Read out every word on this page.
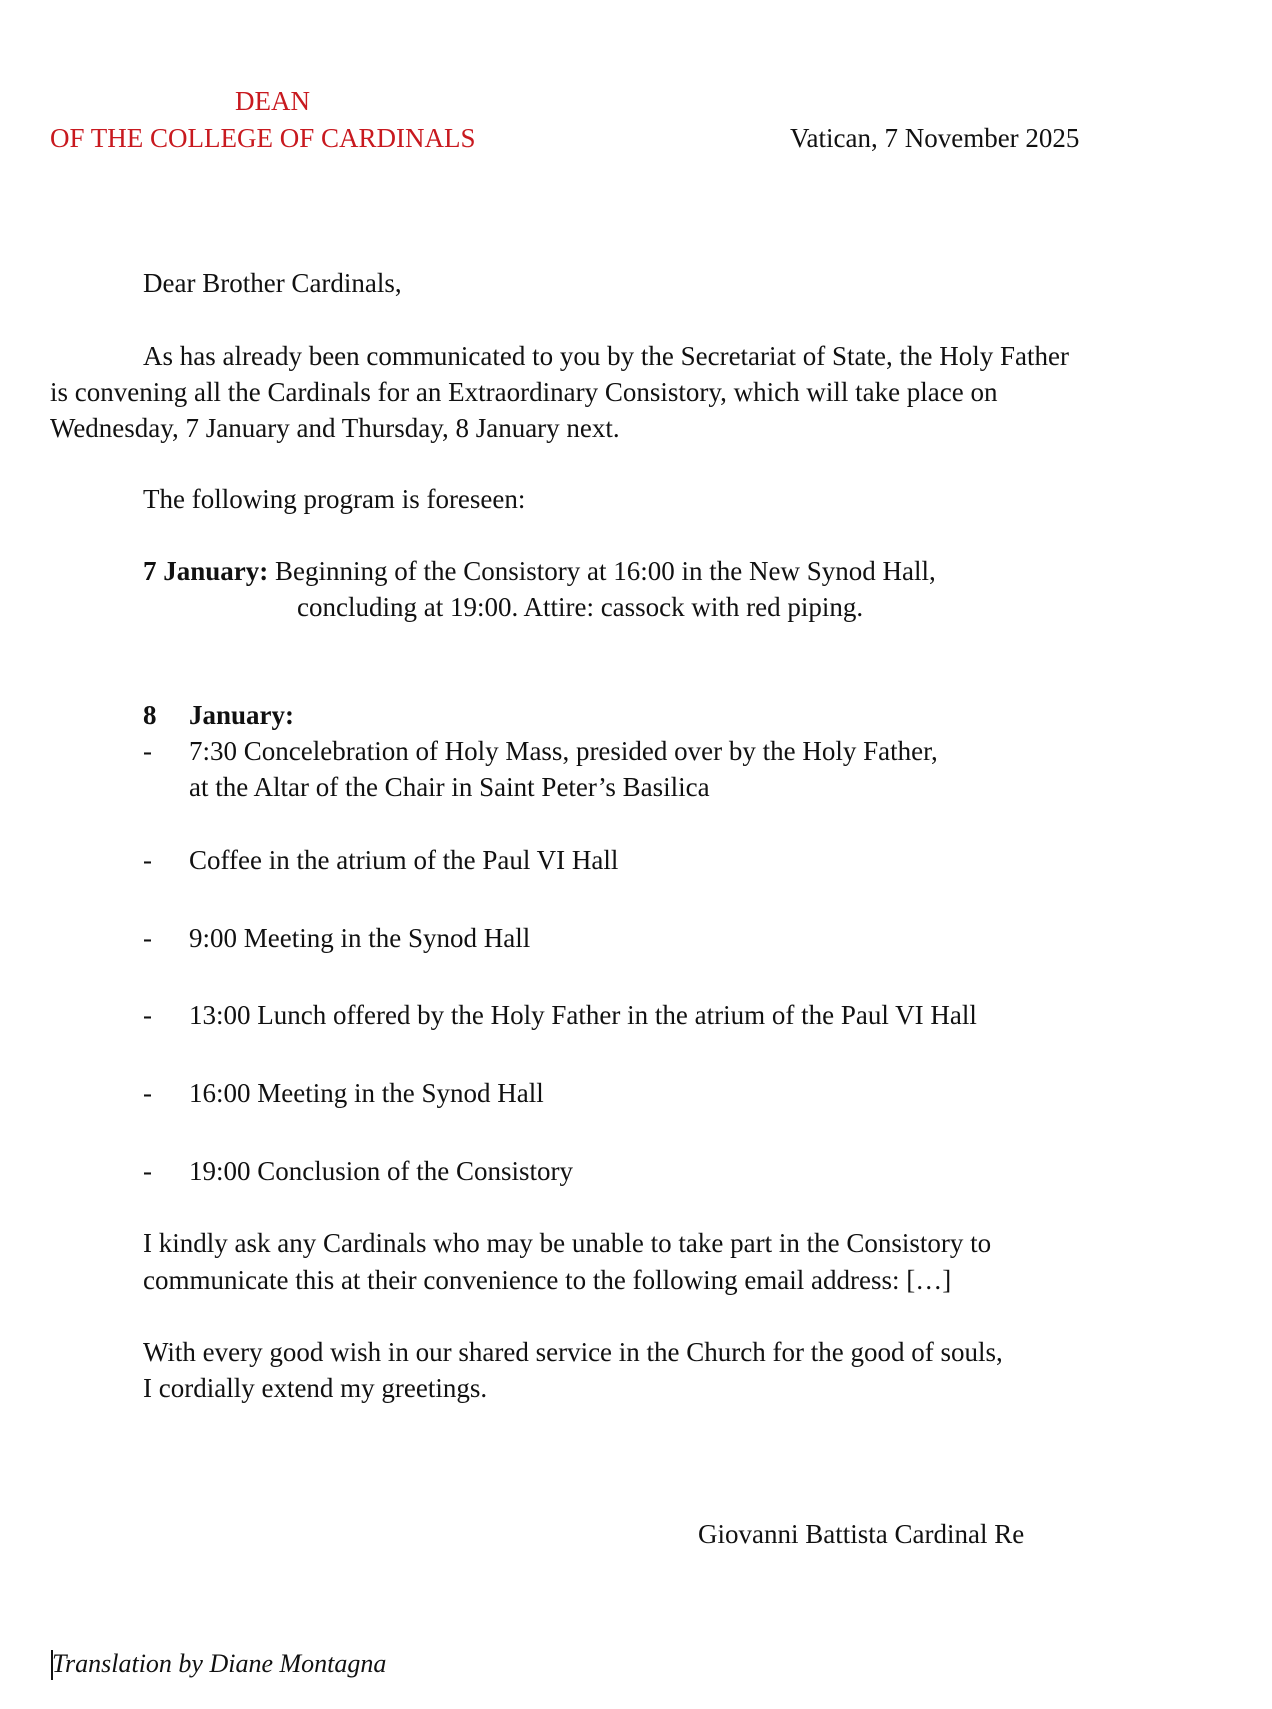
DEAN
OF THE COLLEGE OF CARDINALS	Vatican, 7 November 2025
Dear Brother Cardinals,
As has already been communicated to you by the Secretariat of State, the Holy Father
is convening all the Cardinals for an Extraordinary Consistory, which will take place on
Wednesday, 7 January and Thursday, 8 January next.
The following program is foreseen:
7 January: Beginning of the Consistory at 16:00 in the New Synod Hall,
concluding at 19:00. Attire: cassock with red piping.
8 January:
- 7:30 Concelebration of Holy Mass, presided over by the Holy Father,
at the Altar of the Chair in Saint Peter’s Basilica
- Coffee in the atrium of the Paul VI Hall
- 9:00 Meeting in the Synod Hall
- 13:00 Lunch offered by the Holy Father in the atrium of the Paul VI Hall
- 16:00 Meeting in the Synod Hall
- 19:00 Conclusion of the Consistory
I kindly ask any Cardinals who may be unable to take part in the Consistory to
communicate this at their convenience to the following email address: […]
With every good wish in our shared service in the Church for the good of souls,
I cordially extend my greetings.
Giovanni Battista Cardinal Re
Translation by Diane Montagna
